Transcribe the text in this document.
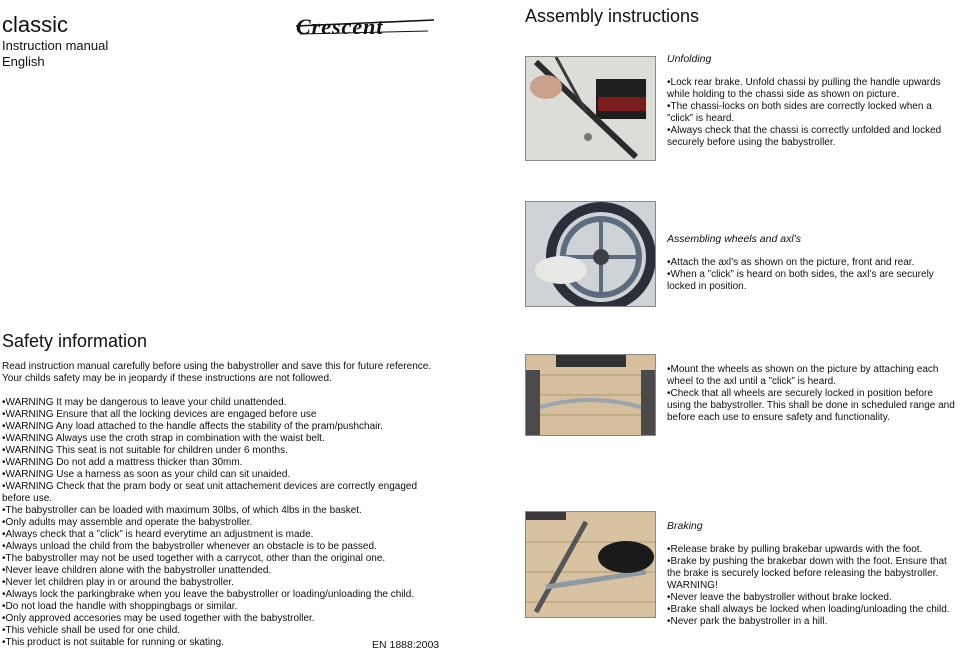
classic
Instruction manual
English
Crescent
Safety information
Read instruction manual carefully before using the babystroller and save this for future reference.
Your childs safety may be in jeopardy if these instructions are not followed.
• WARNING It may be dangerous to leave your child unattended.
• WARNING Ensure that all the locking devices are engaged before use
• WARNING Any load attached to the handle affects the stability of the pram/pushchair.
• WARNING Always use the croth strap in combination with the waist belt.
• WARNING This seat is not suitable for children under 6 months.
• WARNING Do not add a mattress thicker than 30mm.
• WARNING Use a harness as soon as your child can sit unaided.
• WARNING Check that the pram body or seat unit attachement devices are correctly engaged before use.
• The babystroller can be loaded with maximum 30lbs, of which 4lbs in the basket.
• Only adults may assemble and operate the babystroller.
• Always check that a ”click” is heard everytime an adjustment is made.
• Always unload the child from the babystroller whenever an obstacle is to be passed.
• The babystroller may not be used together with a carrycot, other than the original one.
• Never leave children alone with the babystroller unattended.
• Never let children play in or around the babystroller.
• Always lock the parkingbrake when you leave the babystroller or loading/unloading the child.
• Do not load the handle with shoppingbags or similar.
• Only approved accesories may be used together with the babystroller.
• This vehicle shall be used for one child.
• This product is not suitable for running or skating.	EN 1888:2003
Assembly instructions
Unfolding
• Lock rear brake. Unfold chassi by pulling the handle upwards while holding to the chassi side as shown on picture.
• The chassi-locks on both sides are correctly locked when a ”click” is heard.
• Always check that the chassi is correctly unfolded and locked securely before using the babystroller.
Assembling wheels and axl’s
• Attach the axl’s as shown on the picture, front and rear.
• When a ”click” is heard on both sides, the axl’s are securely locked in position.
• Mount the wheels as shown on the picture by attaching each wheel to the axl until a ”click” is heard.
• Check that all wheels are securely locked in position before using the babystroller. This shall be done in scheduled range and before each use to ensure safety and functionality.
Braking
• Release brake by pulling brakebar upwards with the foot.
• Brake by pushing the brakebar down with the foot. Ensure that the brake is securely locked before releasing the babystroller. WARNING!
• Never leave the babystroller without brake locked.
• Brake shall always be locked when loading/unloading the child.
• Never park the babystroller in a hill.
